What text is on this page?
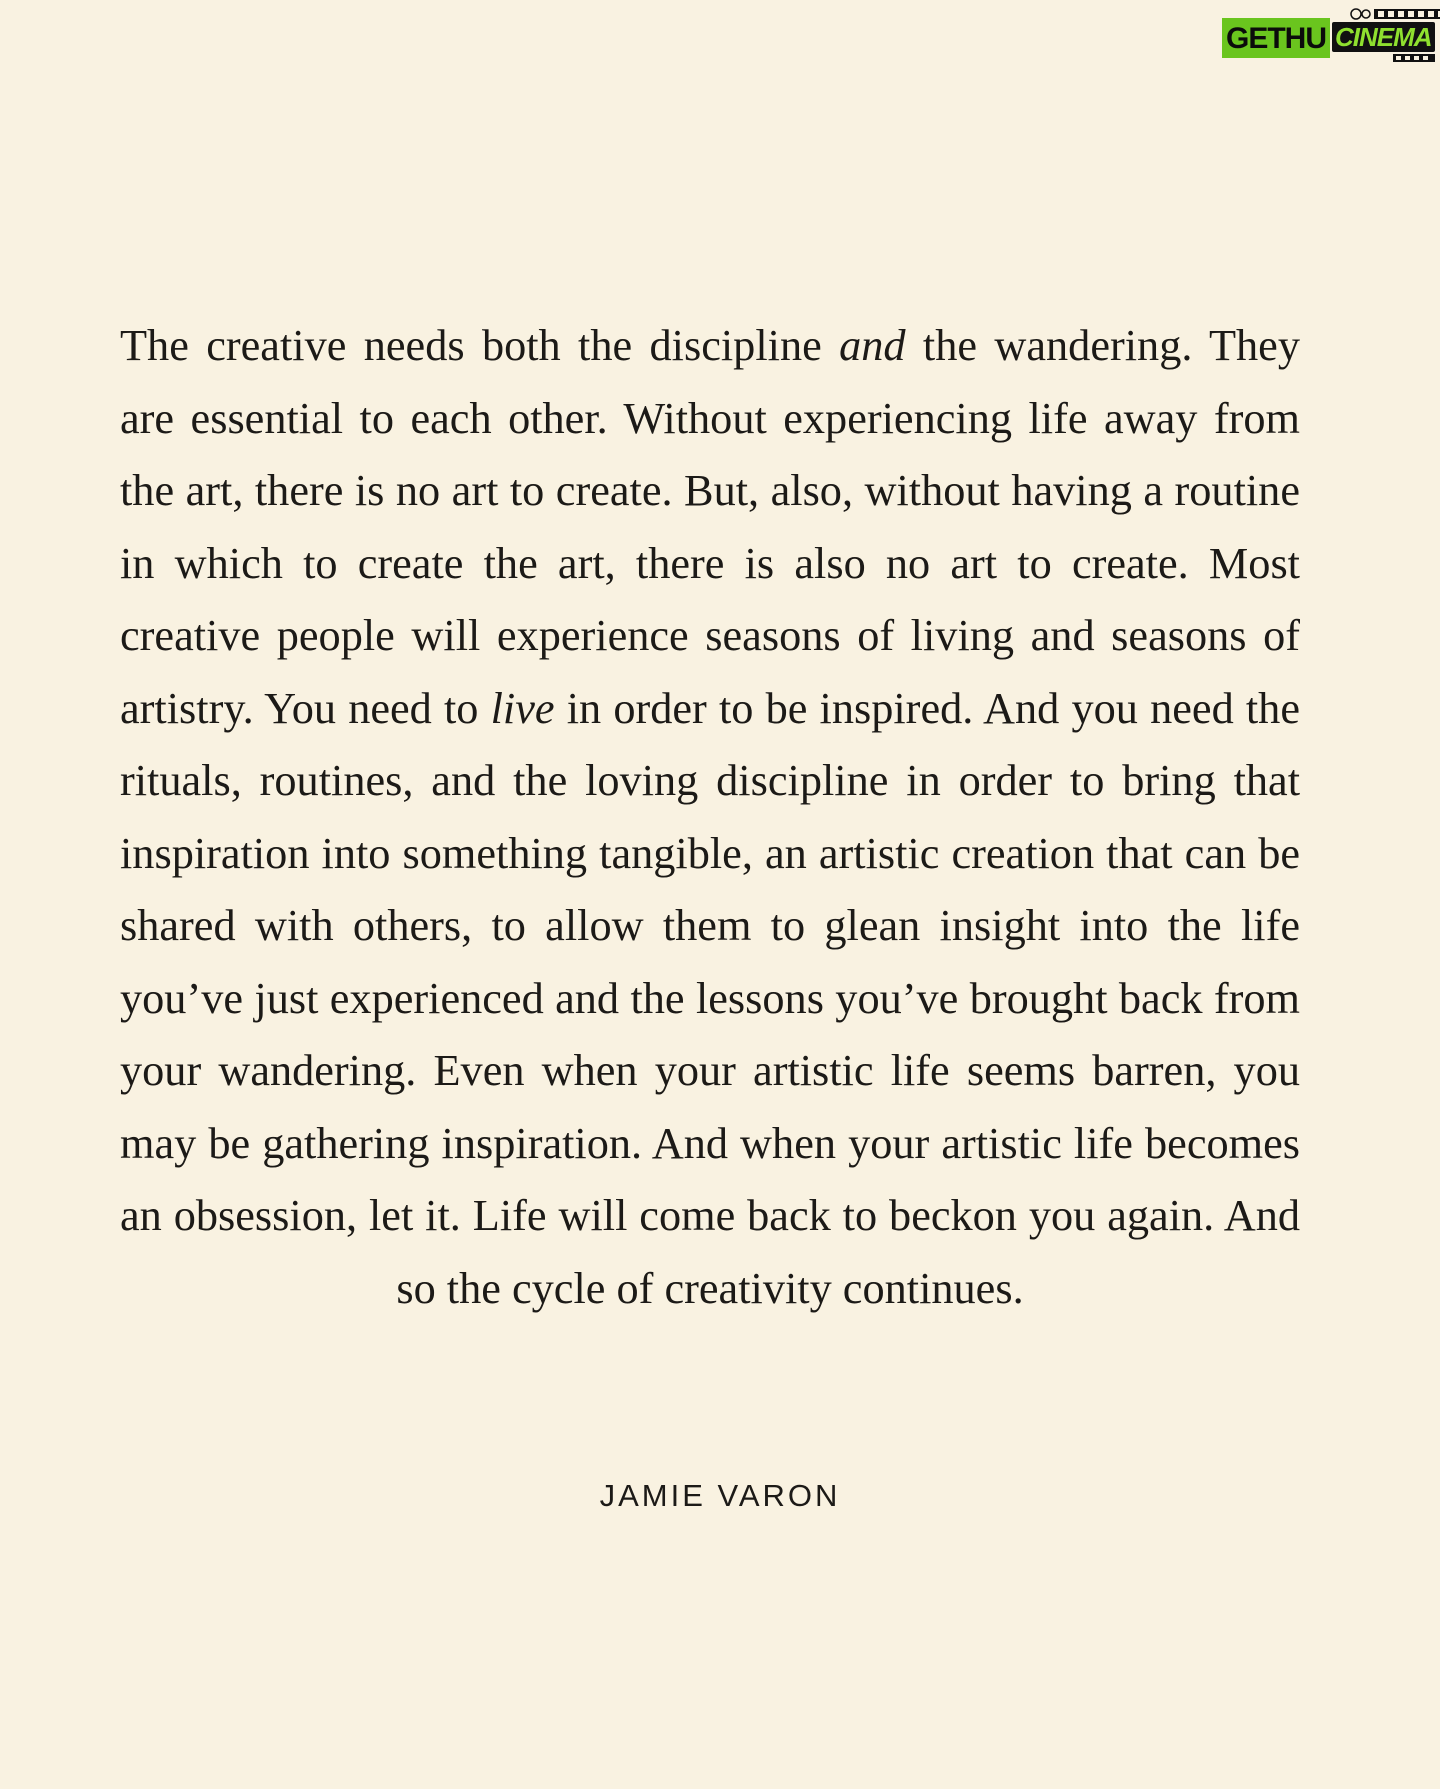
GETHU CINEMA

The creative needs both the discipline and the wandering. They are essential to each other. Without experiencing life away from the art, there is no art to create. But, also, without having a routine in which to create the art, there is also no art to create. Most creative people will experience seasons of living and seasons of artistry. You need to live in order to be inspired. And you need the rituals, routines, and the loving discipline in order to bring that inspiration into something tangible, an artistic creation that can be shared with others, to allow them to glean insight into the life you’ve just experienced and the lessons you’ve brought back from your wandering. Even when your artistic life seems barren, you may be gathering inspiration. And when your artistic life becomes an obsession, let it. Life will come back to beckon you again. And so the cycle of creativity continues.

JAMIE VARON
